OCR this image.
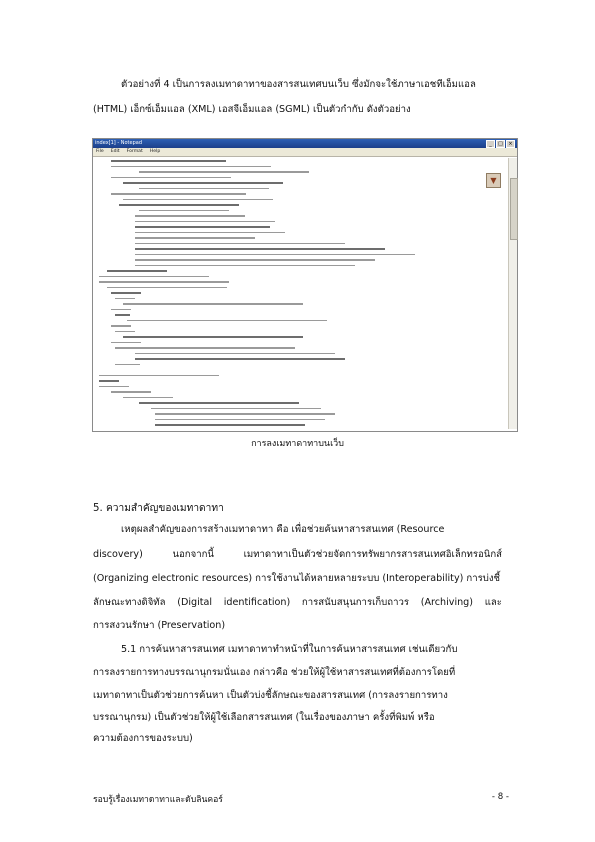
ตัวอย่างที่ 4 เป็นการลงเมทาดาทาของสารสนเทศบนเว็บ ซึ่งมักจะใช้ภาษาเอชทีเอ็มแอล
(HTML) เอ็กซ์เอ็มแอล (XML) เอสจีเอ็มแอล (SGML) เป็นตัวกำกับ ดังตัวอย่าง
index[1] - Notepad	_	□	×
File Edit Format Help
▼
การลงเมทาดาทาบนเว็บ
5. ความสำคัญของเมทาดาทา
เหตุผลสำคัญของการสร้างเมทาดาทา คือ เพื่อช่วยค้นหาสารสนเทศ (Resource
discovery)	นอกจากนี้	เมทาดาทาเป็นตัวช่วยจัดการทรัพยากรสารสนเทศอิเล็กทรอนิกส์
(Organizing electronic resources) การใช้งานได้หลายหลายระบบ (Interoperability) การบ่งชี้
ลักษณะทางดิจิทัล (Digital identification) การสนับสนุนการเก็บถาวร (Archiving) และ
การสงวนรักษา (Preservation)
5.1 การค้นหาสารสนเทศ เมทาดาทาทำหน้าที่ในการค้นหาสารสนเทศ เช่นเดียวกับ
การลงรายการทางบรรณานุกรมนั่นเอง กล่าวคือ ช่วยให้ผู้ใช้หาสารสนเทศที่ต้องการโดยที่
เมทาดาทาเป็นตัวช่วยการค้นหา เป็นตัวบ่งชี้ลักษณะของสารสนเทศ (การลงรายการทาง
บรรณานุกรม) เป็นตัวช่วยให้ผู้ใช้เลือกสารสนเทศ (ในเรื่องของภาษา ครั้งที่พิมพ์ หรือ
ความต้องการของระบบ)
รอบรู้เรื่องเมทาดาทาและดับลินคอร์	- 8 -
